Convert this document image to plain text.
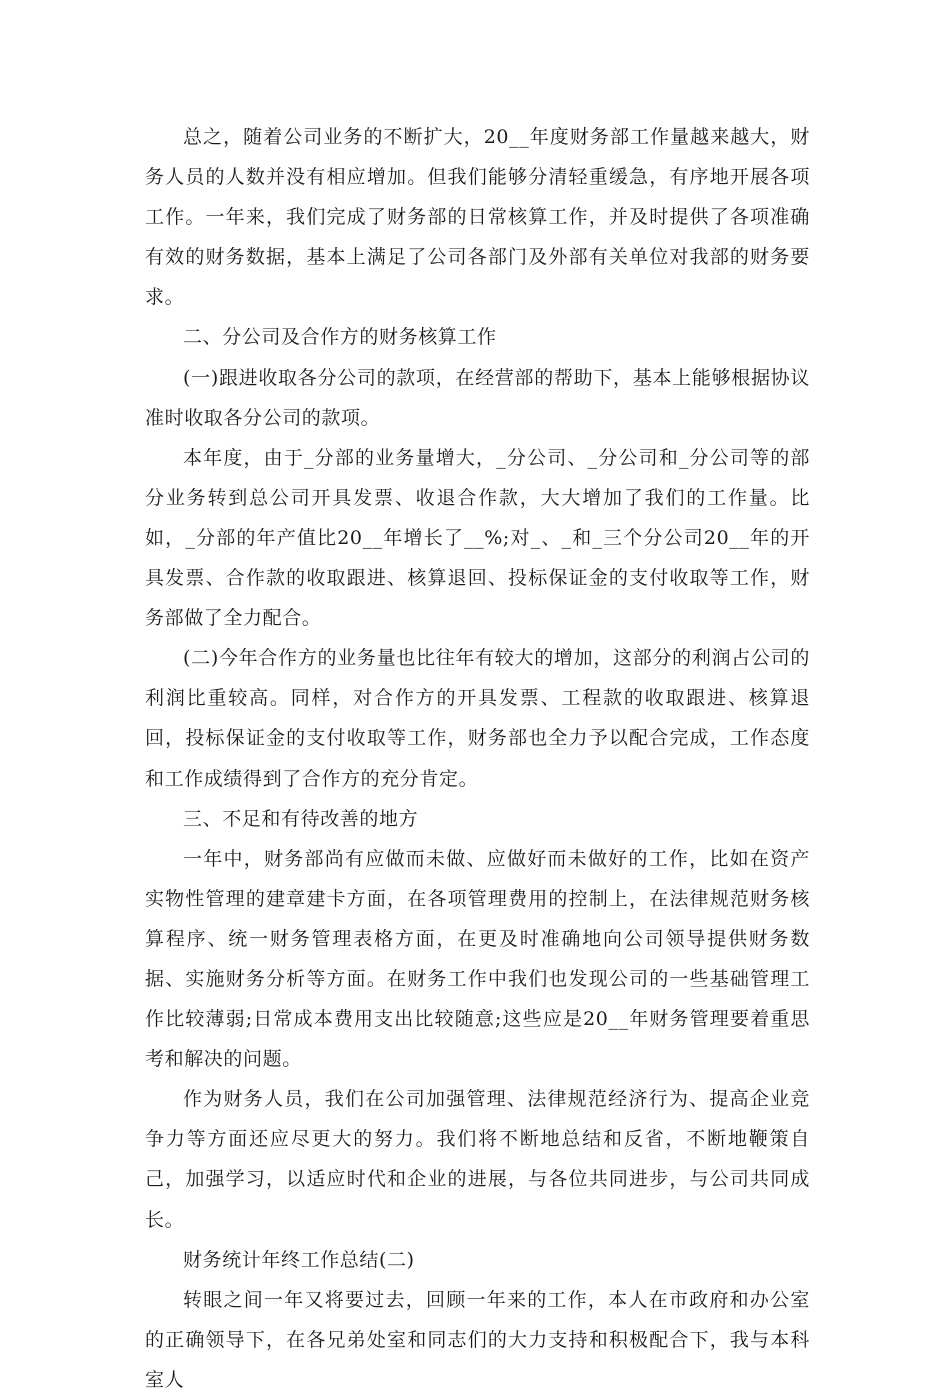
总之，随着公司业务的不断扩大，20__年度财务部工作量越来越大，财务人员的人数并没有相应增加。但我们能够分清轻重缓急，有序地开展各项工作。一年来，我们完成了财务部的日常核算工作，并及时提供了各项准确有效的财务数据，基本上满足了公司各部门及外部有关单位对我部的财务要求。

二、分公司及合作方的财务核算工作

(一)跟进收取各分公司的款项，在经营部的帮助下，基本上能够根据协议准时收取各分公司的款项。

本年度，由于_分部的业务量增大，_分公司、_分公司和_分公司等的部分业务转到总公司开具发票、收退合作款，大大增加了我们的工作量。比如，_分部的年产值比20__年增长了__%;对_、_和_三个分公司20__年的开具发票、合作款的收取跟进、核算退回、投标保证金的支付收取等工作，财务部做了全力配合。

(二)今年合作方的业务量也比往年有较大的增加，这部分的利润占公司的利润比重较高。同样，对合作方的开具发票、工程款的收取跟进、核算退回，投标保证金的支付收取等工作，财务部也全力予以配合完成，工作态度和工作成绩得到了合作方的充分肯定。

三、不足和有待改善的地方

一年中，财务部尚有应做而未做、应做好而未做好的工作，比如在资产实物性管理的建章建卡方面，在各项管理费用的控制上，在法律规范财务核算程序、统一财务管理表格方面，在更及时准确地向公司领导提供财务数据、实施财务分析等方面。在财务工作中我们也发现公司的一些基础管理工作比较薄弱;日常成本费用支出比较随意;这些应是20__年财务管理要着重思考和解决的问题。

作为财务人员，我们在公司加强管理、法律规范经济行为、提高企业竞争力等方面还应尽更大的努力。我们将不断地总结和反省，不断地鞭策自己，加强学习，以适应时代和企业的进展，与各位共同进步，与公司共同成长。

财务统计年终工作总结(二)

转眼之间一年又将要过去，回顾一年来的工作，本人在市政府和办公室的正确领导下，在各兄弟处室和同志们的大力支持和积极配合下，我与本科室人
